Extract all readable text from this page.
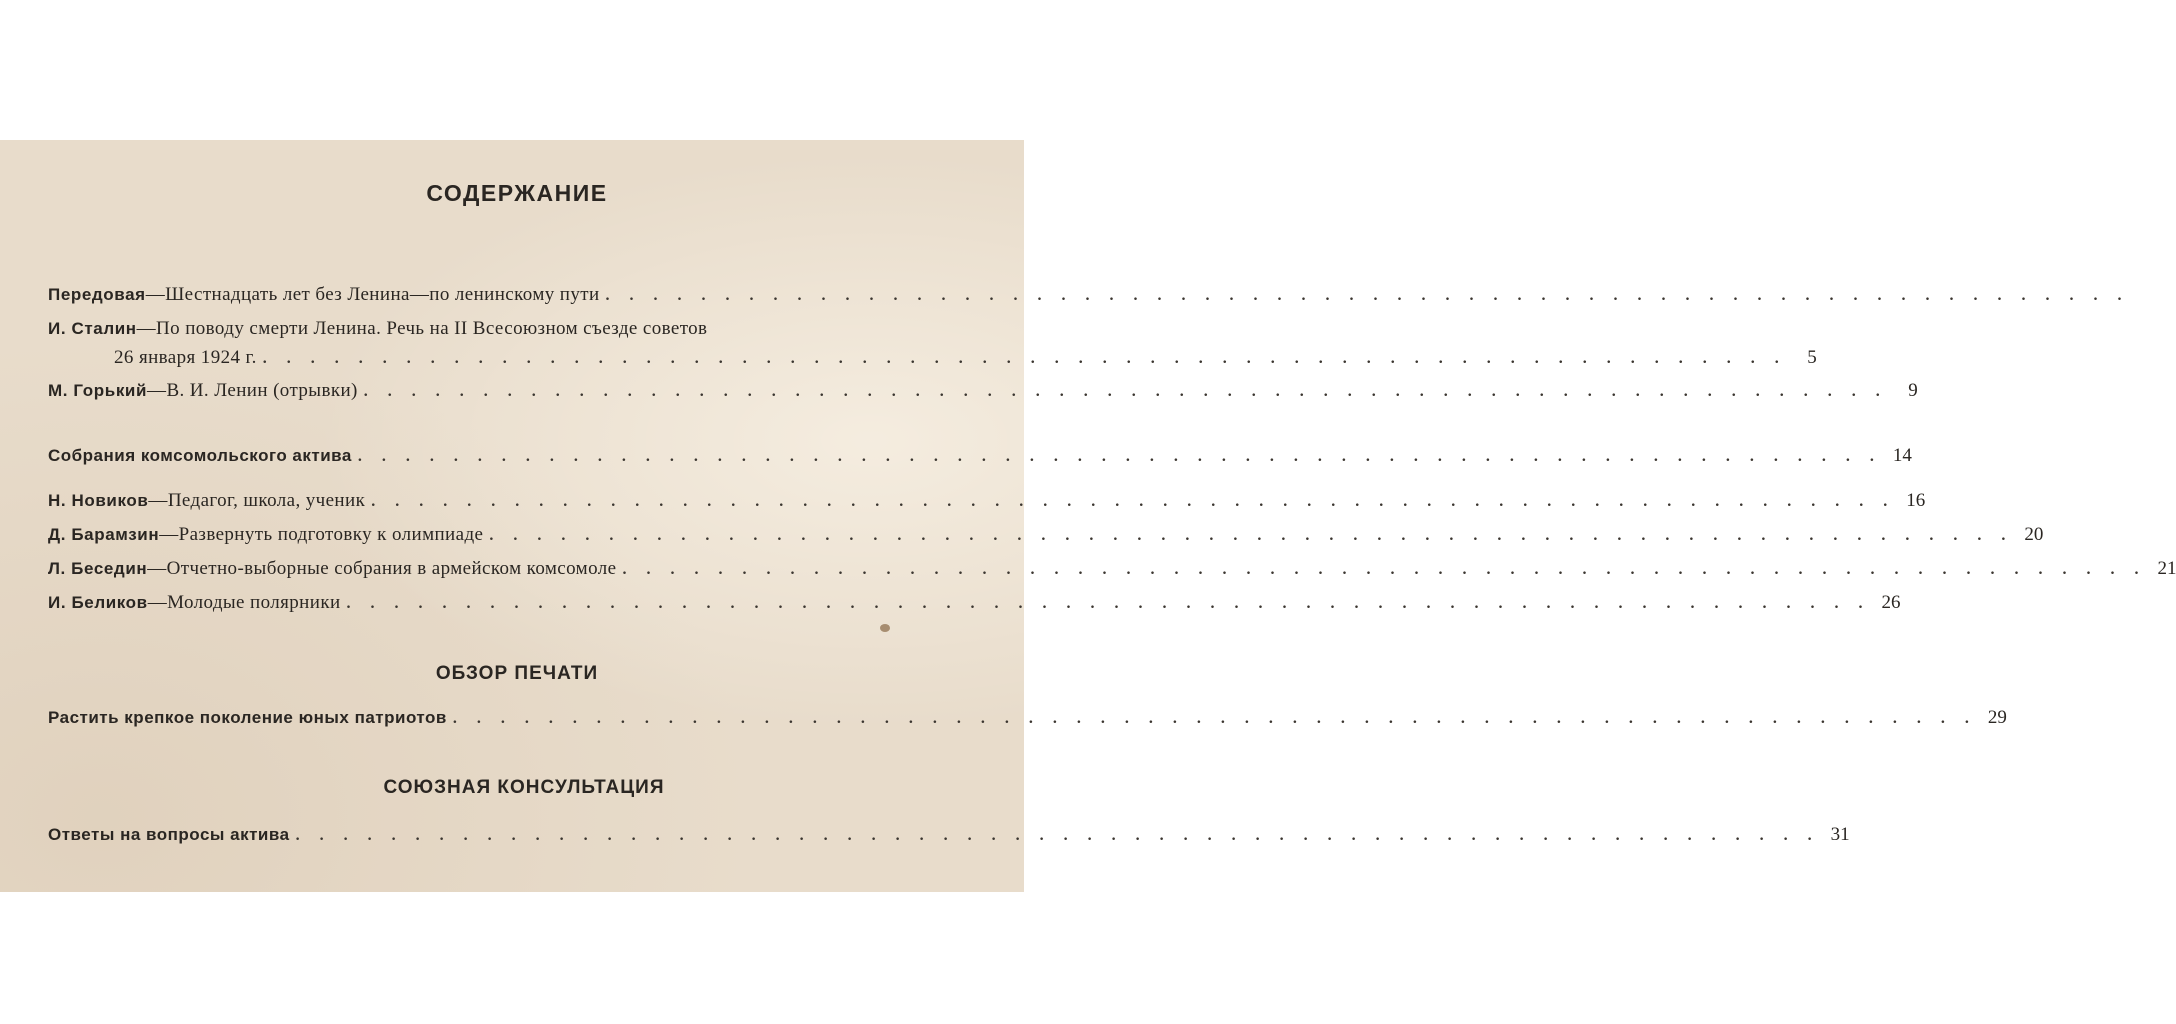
СОДЕРЖАНИЕ
Передовая — Шестнадцать лет без Ленина—по ленинскому пути . . . . . . . . . . . . . . . . . . . . . . . . . . . . . . . . . . . . . . . . . . . . . . . . . . . . . . . . . . . . . . . .
И. Сталин — По поводу смерти Ленина. Речь на II Всесоюзном съезде советов
26 января 1924 г. . . . . . . . . . . . . . . . . . . . . . . . . . . . . . . . . . . . . . . . . . . . . . . . . . . . . . . . . . . . . . . . .	5
М. Горький — В. И. Ленин (отрывки) . . . . . . . . . . . . . . . . . . . . . . . . . . . . . . . . . . . . . . . . . . . . . . . . . . . . . . . . . . . . . . . .	9
Собрания комсомольского актива . . . . . . . . . . . . . . . . . . . . . . . . . . . . . . . . . . . . . . . . . . . . . . . . . . . . . . . . . . . . . . . . 14
Н. Новиков — Педагог, школа, ученик . . . . . . . . . . . . . . . . . . . . . . . . . . . . . . . . . . . . . . . . . . . . . . . . . . . . . . . . . . . . . . . . 16
Д. Барамзин — Развернуть подготовку к олимпиаде . . . . . . . . . . . . . . . . . . . . . . . . . . . . . . . . . . . . . . . . . . . . . . . . . . . . . . . . . . . . . . . . 20
Л. Беседин — Отчетно-выборные собрания в армейском комсомоле . . . . . . . . . . . . . . . . . . . . . . . . . . . . . . . . . . . . . . . . . . . . . . . . . . . . . . . . . . . . . . . . 21
И. Беликов — Молодые полярники . . . . . . . . . . . . . . . . . . . . . . . . . . . . . . . . . . . . . . . . . . . . . . . . . . . . . . . . . . . . . . . . 26
ОБЗОР ПЕЧАТИ
Растить крепкое поколение юных патриотов . . . . . . . . . . . . . . . . . . . . . . . . . . . . . . . . . . . . . . . . . . . . . . . . . . . . . . . . . . . . . . . . 29
СОЮЗНАЯ КОНСУЛЬТАЦИЯ
Ответы на вопросы актива . . . . . . . . . . . . . . . . . . . . . . . . . . . . . . . . . . . . . . . . . . . . . . . . . . . . . . . . . . . . . . . . 31
